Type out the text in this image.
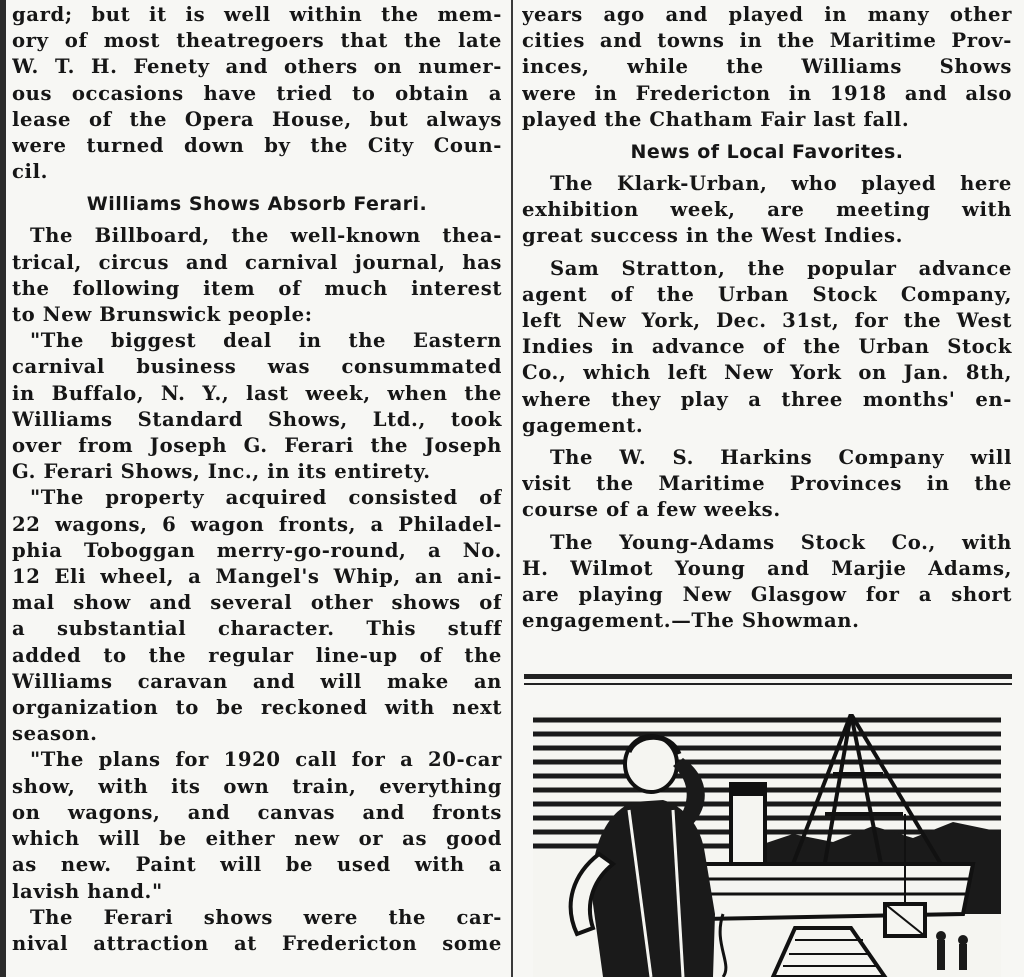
gard; but it is well within the mem-
ory of most theatregoers that the late
W. T. H. Fenety and others on numer-
ous occasions have tried to obtain a
lease of the Opera House, but always
were turned down by the City Coun-
cil.
Williams Shows Absorb Ferari.
The Billboard, the well-known thea-
trical, circus and carnival journal, has
the following item of much interest
to New Brunswick people:
"The biggest deal in the Eastern
carnival business was consummated
in Buffalo, N. Y., last week, when the
Williams Standard Shows, Ltd., took
over from Joseph G. Ferari the Joseph
G. Ferari Shows, Inc., in its entirety.
"The property acquired consisted of
22 wagons, 6 wagon fronts, a Philadel-
phia Toboggan merry-go-round, a No.
12 Eli wheel, a Mangel's Whip, an ani-
mal show and several other shows of
a substantial character. This stuff
added to the regular line-up of the
Williams caravan and will make an
organization to be reckoned with next
season.
"The plans for 1920 call for a 20-car
show, with its own train, everything
on wagons, and canvas and fronts
which will be either new or as good
as new. Paint will be used with a
lavish hand."
The Ferari shows were the car-
nival attraction at Fredericton some
years ago and played in many other
cities and towns in the Maritime Prov-
inces, while the Williams Shows
were in Fredericton in 1918 and also
played the Chatham Fair last fall.
News of Local Favorites.
The Klark-Urban, who played here
exhibition week, are meeting with
great success in the West Indies.
Sam Stratton, the popular advance
agent of the Urban Stock Company,
left New York, Dec. 31st, for the West
Indies in advance of the Urban Stock
Co., which left New York on Jan. 8th,
where they play a three months' en-
gagement.
The W. S. Harkins Company will
visit the Maritime Provinces in the
course of a few weeks.
The Young-Adams Stock Co., with
H. Wilmot Young and Marjie Adams,
are playing New Glasgow for a short
engagement.—The Showman.
